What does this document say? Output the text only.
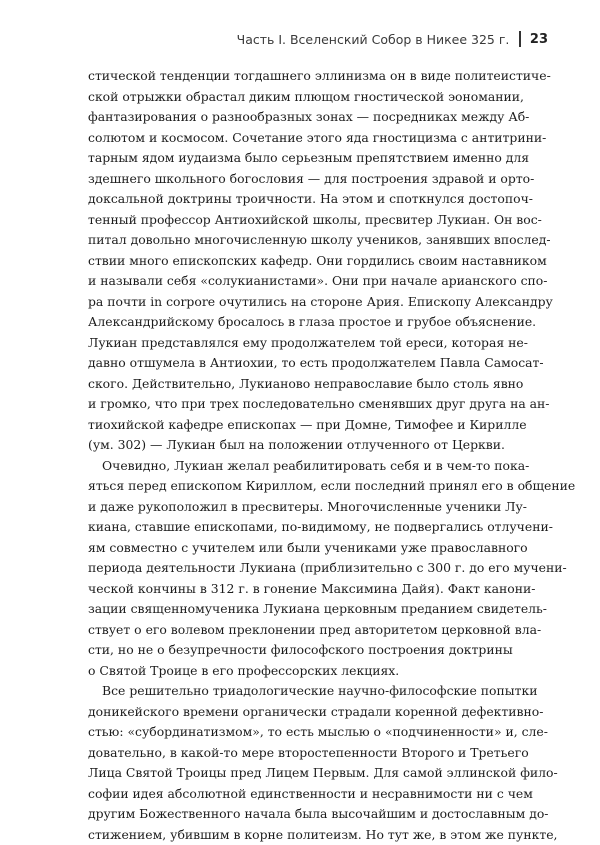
Часть I. Вселенский Собор в Никее 325 г. 23
стической тенденции тогдашнего эллинизма он в виде политеистиче-
ской отрыжки обрастал диким плющом гностической эономании,
фантазирования о разнообразных зонах — посредниках между Аб-
солютом и космосом. Сочетание этого яда гностицизма с антитрини-
тарным ядом иудаизма было серьезным препятствием именно для
здешнего школьного богословия — для построения здравой и орто-
доксальной доктрины троичности. На этом и споткнулся достопоч-
тенный профессор Антиохийской школы, пресвитер Лукиан. Он вос-
питал довольно многочисленную школу учеников, занявших впослед-
ствии много епископских кафедр. Они гордились своим наставником
и называли себя «солукианистами». Они при начале арианского спо-
ра почти in corpore очутились на стороне Ария. Епископу Александру
Александрийскому бросалось в глаза простое и грубое объяснение.
Лукиан представлялся ему продолжателем той ереси, которая не-
давно отшумела в Антиохии, то есть продолжателем Павла Самосат-
ского. Действительно, Лукианово неправославие было столь явно
и громко, что при трех последовательно сменявших друг друга на ан-
тиохийской кафедре епископах — при Домне, Тимофее и Кирилле
(ум. 302) — Лукиан был на положении отлученного от Церкви.
Очевидно, Лукиан желал реабилитировать себя и в чем-то пока-
яться перед епископом Кириллом, если последний принял его в общение
и даже рукоположил в пресвитеры. Многочисленные ученики Лу-
киана, ставшие епископами, по-видимому, не подвергались отлучени-
ям совместно с учителем или были учениками уже православного
периода деятельности Лукиана (приблизительно с 300 г. до его мучени-
ческой кончины в 312 г. в гонение Максимина Дайя). Факт канони-
зации священномученика Лукиана церковным преданием свидетель-
ствует о его волевом преклонении пред авторитетом церковной вла-
сти, но не о безупречности философского построения доктрины
о Святой Троице в его профессорских лекциях.
Все решительно триадологические научно-философские попытки
доникейского времени органически страдали коренной дефективно-
стью: «субординатизмом», то есть мыслью о «подчиненности» и, сле-
довательно, в какой-то мере второстепенности Второго и Третьего
Лица Святой Троицы пред Лицем Первым. Для самой эллинской фило-
софии идея абсолютной единственности и несравнимости ни с чем
другим Божественного начала была высочайшим и достославным до-
стижением, убившим в корне политеизм. Но тут же, в этом же пункте,
